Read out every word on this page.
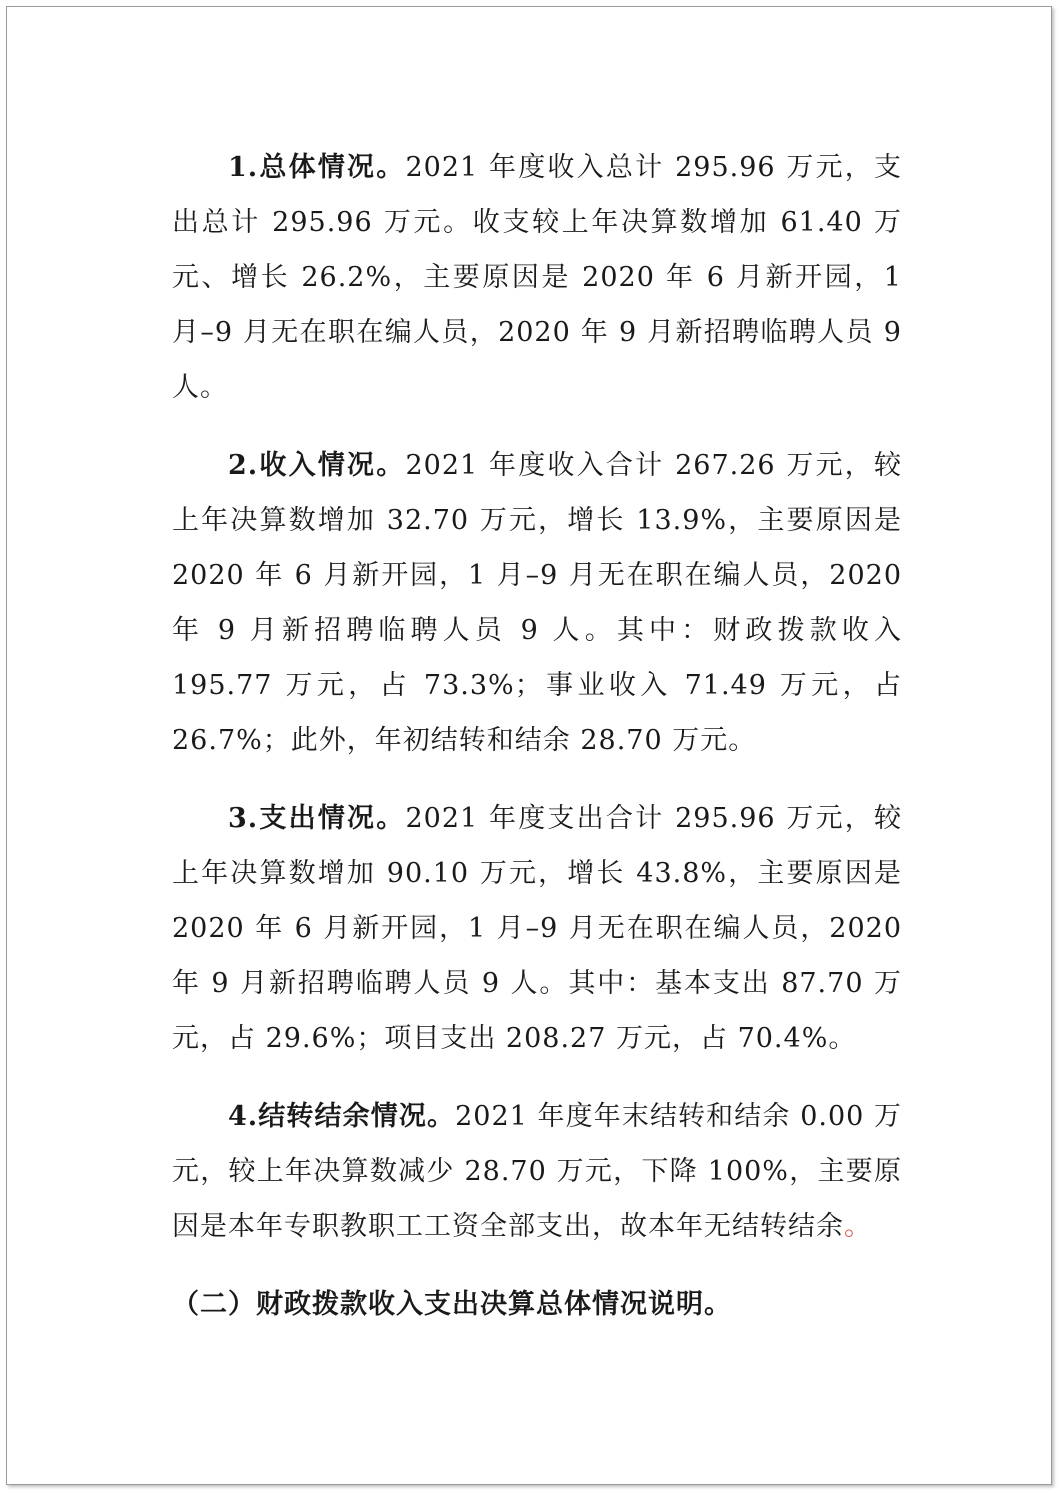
1.总体情况。2021 年度收入总计 295.96 万元，支出总计 295.96 万元。收支较上年决算数增加 61.40 万元、增长 26.2%，主要原因是 2020 年 6 月新开园，1 月–9 月无在职在编人员，2020 年 9 月新招聘临聘人员 9 人。

2.收入情况。2021 年度收入合计 267.26 万元，较上年决算数增加 32.70 万元，增长 13.9%，主要原因是 2020 年 6 月新开园，1 月–9 月无在职在编人员，2020 年 9 月新招聘临聘人员 9 人。其中：财政拨款收入 195.77 万元，占 73.3%；事业收入 71.49 万元，占 26.7%；此外，年初结转和结余 28.70 万元。

3.支出情况。2021 年度支出合计 295.96 万元，较上年决算数增加 90.10 万元，增长 43.8%，主要原因是 2020 年 6 月新开园，1 月–9 月无在职在编人员，2020 年 9 月新招聘临聘人员 9 人。其中：基本支出 87.70 万元，占 29.6%；项目支出 208.27 万元，占 70.4%。

4.结转结余情况。2021 年度年末结转和结余 0.00 万元，较上年决算数减少 28.70 万元，下降 100%，主要原因是本年专职教职工工资全部支出，故本年无结转结余。

（二）财政拨款收入支出决算总体情况说明。
